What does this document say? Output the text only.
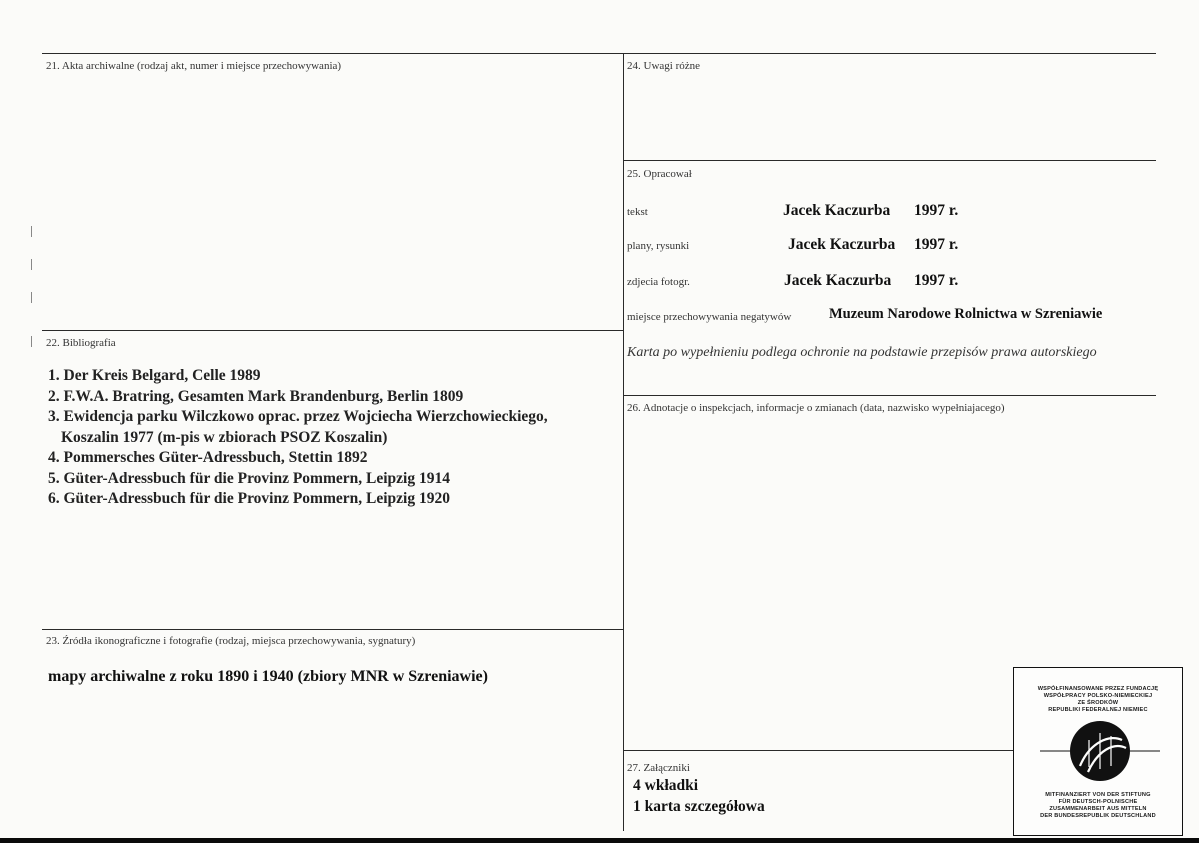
21. Akta archiwalne (rodzaj akt, numer i miejsce przechowywania)
22. Bibliografia
1. Der Kreis Belgard, Celle 1989
2. F.W.A. Bratring, Gesamten Mark Brandenburg, Berlin 1809
3. Ewidencja parku Wilczkowo oprac. przez Wojciecha Wierzchowieckiego,
Koszalin 1977 (m-pis w zbiorach PSOZ Koszalin)
4. Pommersches Güter-Adressbuch, Stettin 1892
5. Güter-Adressbuch für die Provinz Pommern, Leipzig 1914
6. Güter-Adressbuch für die Provinz Pommern, Leipzig 1920
23. Źródła ikonograficzne i fotografie (rodzaj, miejsca przechowywania, sygnatury)
mapy archiwalne z roku 1890 i 1940 (zbiory MNR w Szreniawie)
24. Uwagi różne
25. Opracował
tekst	Jacek Kaczurba 1997 r.
plany, rysunki	Jacek Kaczurba 1997 r.
zdjecia fotogr.	Jacek Kaczurba 1997 r.
miejsce przechowywania negatywów	Muzeum Narodowe Rolnictwa w Szreniawie
Karta po wypełnieniu podlega ochronie na podstawie przepisów prawa autorskiego
26. Adnotacje o inspekcjach, informacje o zmianach (data, nazwisko wypełniajacego)
27. Załączniki
4 wkładki
1 karta szczegółowa
WSPÓŁFINANSOWANE PRZEZ FUNDACJĘ
WSPÓŁPRACY POLSKO-NIEMIECKIEJ
ZE ŚRODKÓW
REPUBLIKI FEDERALNEJ NIEMIEC
MITFINANZIERT VON DER STIFTUNG
FÜR DEUTSCH-POLNISCHE
ZUSAMMENARBEIT AUS MITTELN
DER BUNDESREPUBLIK DEUTSCHLAND
